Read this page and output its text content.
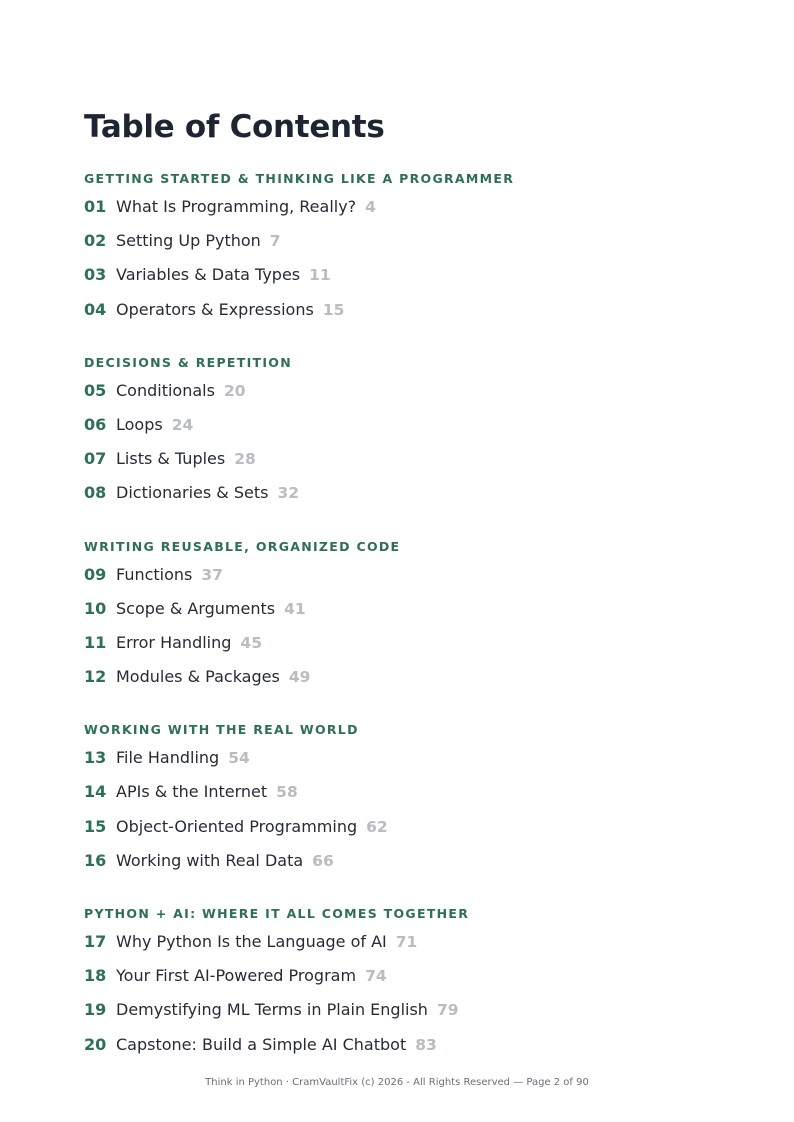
Table of Contents
GETTING STARTED & THINKING LIKE A PROGRAMMER
01 What Is Programming, Really? 4
02 Setting Up Python 7
03 Variables & Data Types 11
04 Operators & Expressions 15
DECISIONS & REPETITION
05 Conditionals 20
06 Loops 24
07 Lists & Tuples 28
08 Dictionaries & Sets 32
WRITING REUSABLE, ORGANIZED CODE
09 Functions 37
10 Scope & Arguments 41
11 Error Handling 45
12 Modules & Packages 49
WORKING WITH THE REAL WORLD
13 File Handling 54
14 APIs & the Internet 58
15 Object-Oriented Programming 62
16 Working with Real Data 66
PYTHON + AI: WHERE IT ALL COMES TOGETHER
17 Why Python Is the Language of AI 71
18 Your First AI-Powered Program 74
19 Demystifying ML Terms in Plain English 79
20 Capstone: Build a Simple AI Chatbot 83
Think in Python · CramVaultFix (c) 2026 - All Rights Reserved — Page 2 of 90
